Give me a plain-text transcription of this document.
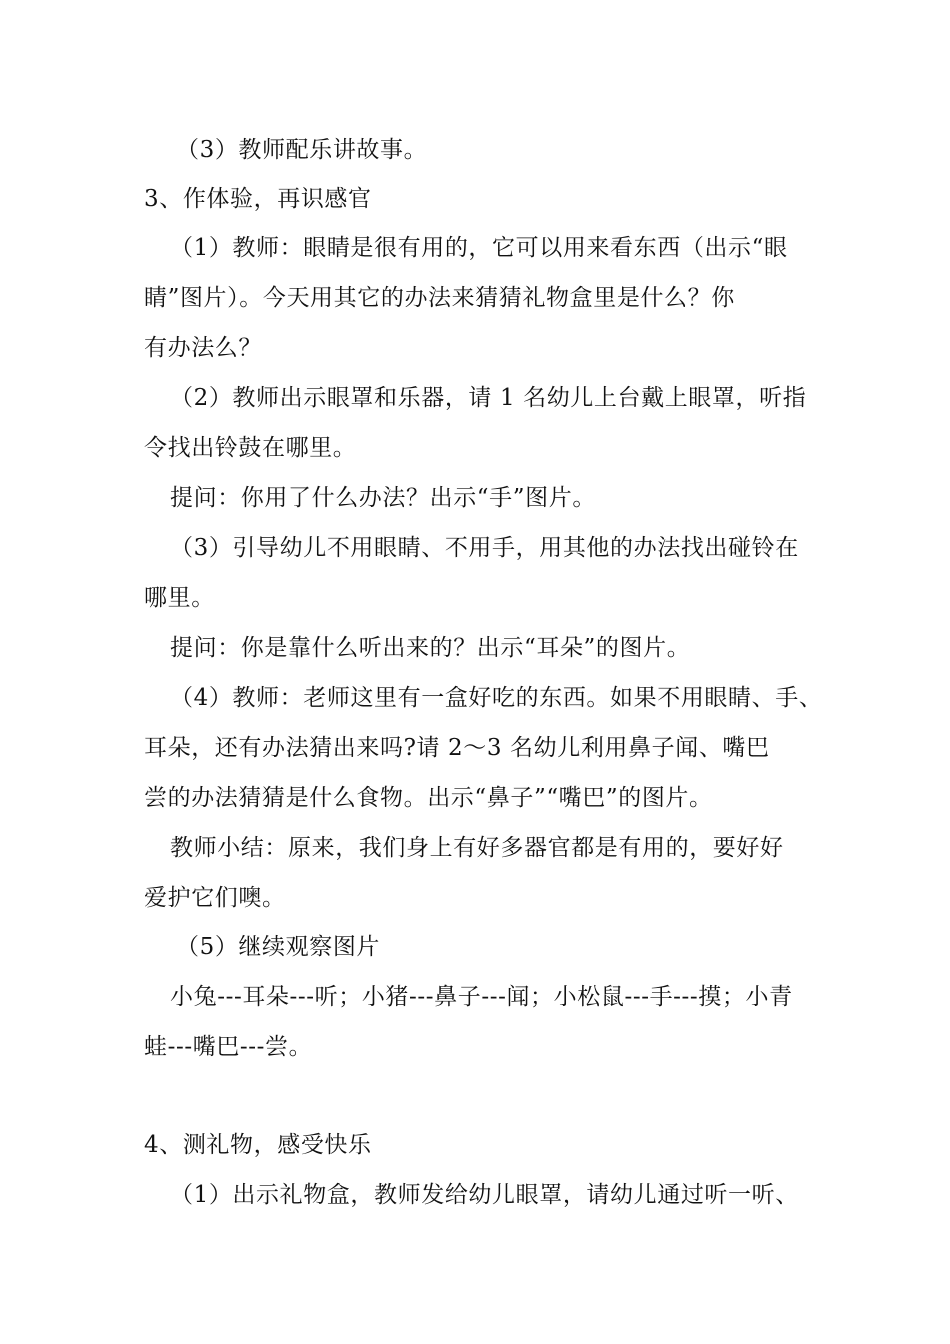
（3）教师配乐讲故事。
3、作体验，再识感官
（1）教师：眼睛是很有用的，它可以用来看东西（出示“眼
睛”图片）。今天用其它的办法来猜猜礼物盒里是什么？你
有办法么？
（2）教师出示眼罩和乐器，请 1 名幼儿上台戴上眼罩，听指
令找出铃鼓在哪里。
提问：你用了什么办法？出示“手”图片。
（3）引导幼儿不用眼睛、不用手，用其他的办法找出碰铃在
哪里。
提问：你是靠什么听出来的？出示“耳朵”的图片。
（4）教师：老师这里有一盒好吃的东西。如果不用眼睛、手、
耳朵，还有办法猜出来吗?请 2～3 名幼儿利用鼻子闻、嘴巴
尝的办法猜猜是什么食物。出示“鼻子”“嘴巴”的图片。
教师小结：原来，我们身上有好多器官都是有用的，要好好
爱护它们噢。
（5）继续观察图片
小兔---耳朵---听；小猪---鼻子---闻；小松鼠---手---摸；小青
蛙---嘴巴---尝。
4、测礼物，感受快乐
（1）出示礼物盒，教师发给幼儿眼罩，请幼儿通过听一听、
